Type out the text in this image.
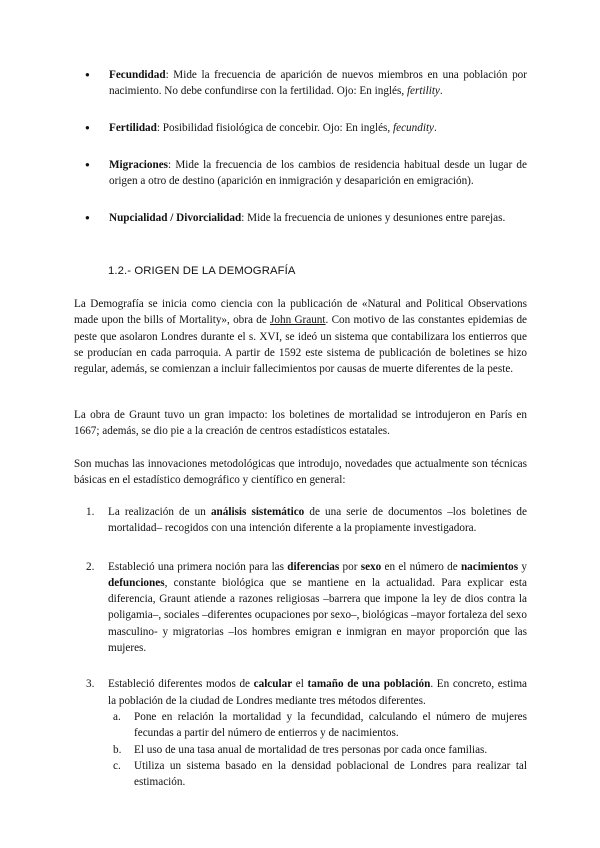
● Fecundidad: Mide la frecuencia de aparición de nuevos miembros en una población por nacimiento. No debe confundirse con la fertilidad. Ojo: En inglés, fertility.
● Fertilidad: Posibilidad fisiológica de concebir. Ojo: En inglés, fecundity.
● Migraciones: Mide la frecuencia de los cambios de residencia habitual desde un lugar de origen a otro de destino (aparición en inmigración y desaparición en emigración).
● Nupcialidad / Divorcialidad: Mide la frecuencia de uniones y desuniones entre parejas.
1.2.- ORIGEN DE LA DEMOGRAFÍA

La Demografía se inicia como ciencia con la publicación de «Natural and Political Observations made upon the bills of Mortality», obra de John Graunt. Con motivo de las constantes epidemias de peste que asolaron Londres durante el s. XVI, se ideó un sistema que contabilizara los entierros que se producían en cada parroquia. A partir de 1592 este sistema de publicación de boletines se hizo regular, además, se comienzan a incluir fallecimientos por causas de muerte diferentes de la peste.

La obra de Graunt tuvo un gran impacto: los boletines de mortalidad se introdujeron en París en 1667; además, se dio pie a la creación de centros estadísticos estatales.

Son muchas las innovaciones metodológicas que introdujo, novedades que actualmente son técnicas básicas en el estadístico demográfico y científico en general:

1. La realización de un análisis sistemático de una serie de documentos –los boletines de mortalidad– recogidos con una intención diferente a la propiamente investigadora.
2. Estableció una primera noción para las diferencias por sexo en el número de nacimientos y defunciones, constante biológica que se mantiene en la actualidad. Para explicar esta diferencia, Graunt atiende a razones religiosas –barrera que impone la ley de dios contra la poligamia–, sociales –diferentes ocupaciones por sexo–, biológicas –mayor fortaleza del sexo masculino- y migratorias –los hombres emigran e inmigran en mayor proporción que las mujeres.
3. Estableció diferentes modos de calcular el tamaño de una población. En concreto, estima la población de la ciudad de Londres mediante tres métodos diferentes.
a. Pone en relación la mortalidad y la fecundidad, calculando el número de mujeres fecundas a partir del número de entierros y de nacimientos.
b. El uso de una tasa anual de mortalidad de tres personas por cada once familias.
c. Utiliza un sistema basado en la densidad poblacional de Londres para realizar tal estimación.
